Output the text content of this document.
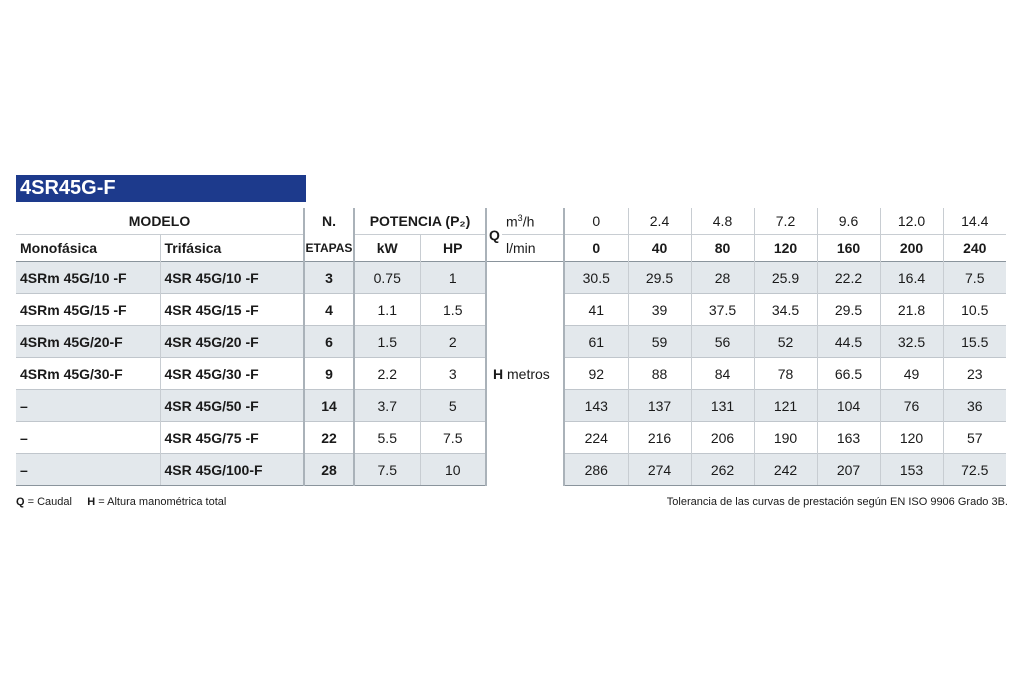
4SR45G-F
MODELO		N.	POTENCIA (P₂)		Q	$m^3/h$	0	2.4	4.8	7.2	9.6	12.0	14.4
Monofásica	Trifásica	ETAPAS	kW	HP		l/min	0	40	80	120	160	200	240
4SRm 45G/10 -F	4SR 45G/10 -F	3	0.75	1	H metros		30.5	29.5	28	25.9	22.2	16.4	7.5
4SRm 45G/15 -F	4SR 45G/15 -F	4	1.1	1.5			41	39	37.5	34.5	29.5	21.8	10.5
4SRm 45G/20-F	4SR 45G/20 -F	6	1.5	2			61	59	56	52	44.5	32.5	15.5
4SRm 45G/30-F	4SR 45G/30 -F	9	2.2	3			92	88	84	78	66.5	49	23
–	4SR 45G/50 -F	14	3.7	5			143	137	131	121	104	76	36
–	4SR 45G/75 -F	22	5.5	7.5			224	216	206	190	163	120	57
–	4SR 45G/100-F	28	7.5	10			286	274	262	242	207	153	72.5
Q = Caudal H = Altura manométrica total	Tolerancia de las curvas de prestación según EN ISO 9906 Grado 3B.
